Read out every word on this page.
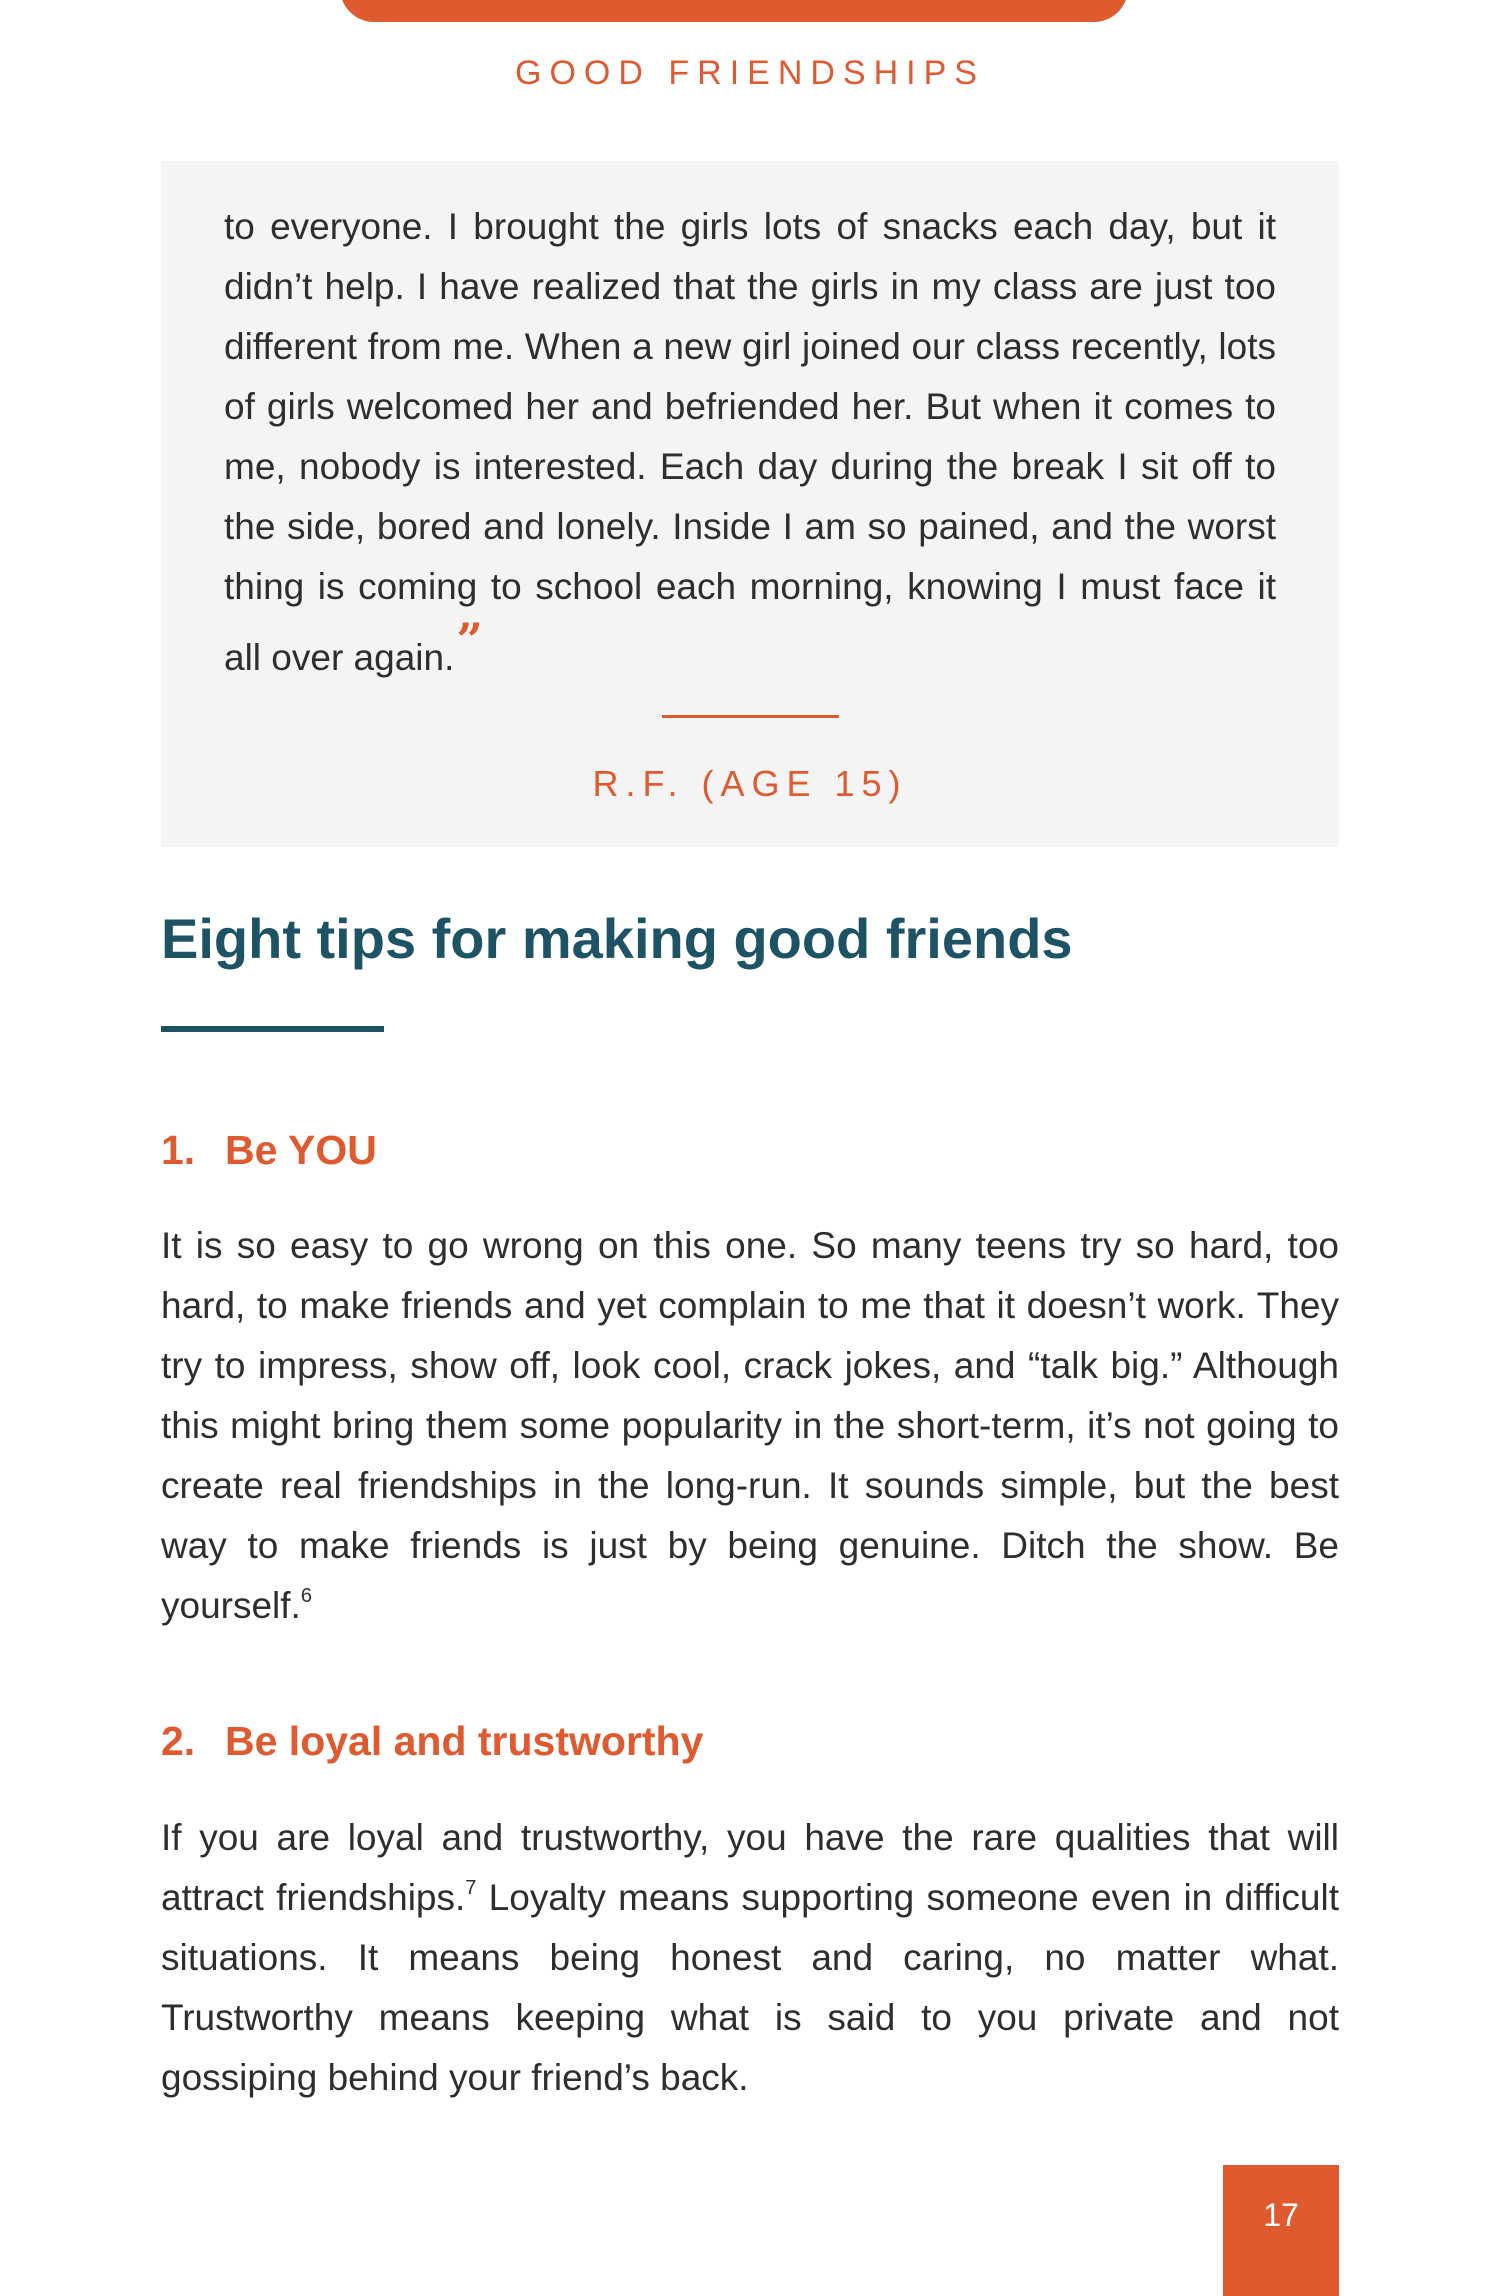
GOOD FRIENDSHIPS

to everyone. I brought the girls lots of snacks each day, but it didn’t help. I have realized that the girls in my class are just too different from me. When a new girl joined our class recently, lots of girls welcomed her and befriended her. But when it comes to me, nobody is interested. Each day during the break I sit off to the side, bored and lonely. Inside I am so pained, and the worst thing is coming to school each morning, knowing I must face it all over again.”

R.F. (AGE 15)
Eight tips for making good friends
1. Be YOU

It is so easy to go wrong on this one. So many teens try so hard, too hard, to make friends and yet complain to me that it doesn’t work. They try to impress, show off, look cool, crack jokes, and “talk big.” Although this might bring them some popularity in the short-term, it’s not going to create real friendships in the long-run. It sounds simple, but the best way to make friends is just by being genuine. Ditch the show. Be yourself.$^6$

2. Be loyal and trustworthy

If you are loyal and trustworthy, you have the rare qualities that will attract friendships.$^7$ Loyalty means supporting someone even in difficult situations. It means being honest and caring, no matter what. Trustworthy means keeping what is said to you private and not gossiping behind your friend’s back.

17
